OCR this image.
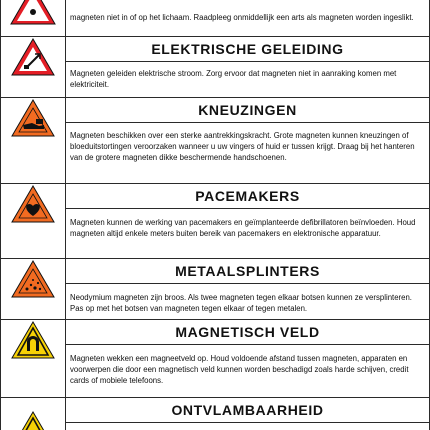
magneten niet in of op het lichaam. Raadpleeg onmiddellijk een arts als magneten worden ingeslikt.

ELEKTRISCHE GELEIDING
Magneten geleiden elektrische stroom. Zorg ervoor dat magneten niet in aanraking komen met elektriciteit.

KNEUZINGEN
Magneten beschikken over een sterke aantrekkingskracht. Grote magneten kunnen kneuzingen of bloeduitstortingen veroorzaken wanneer u uw vingers of huid er tussen krijgt. Draag bij het hanteren van de grotere magneten dikke beschermende handschoenen.

PACEMAKERS
Magneten kunnen de werking van pacemakers en geïmplanteerde defibrillatoren beïnvloeden. Houd magneten altijd enkele meters buiten bereik van pacemakers en elektronische apparatuur.

METAALSPLINTERS
Neodymium magneten zijn broos. Als twee magneten tegen elkaar botsen kunnen ze versplinteren. Pas op met het botsen van magneten tegen elkaar of tegen metalen.

MAGNETISCH VELD
Magneten wekken een magneetveld op. Houd voldoende afstand tussen magneten, apparaten en voorwerpen die door een magnetisch veld kunnen worden beschadigd zoals harde schijven, credit cards of mobiele telefoons.

ONTVLAMBAARHEID
